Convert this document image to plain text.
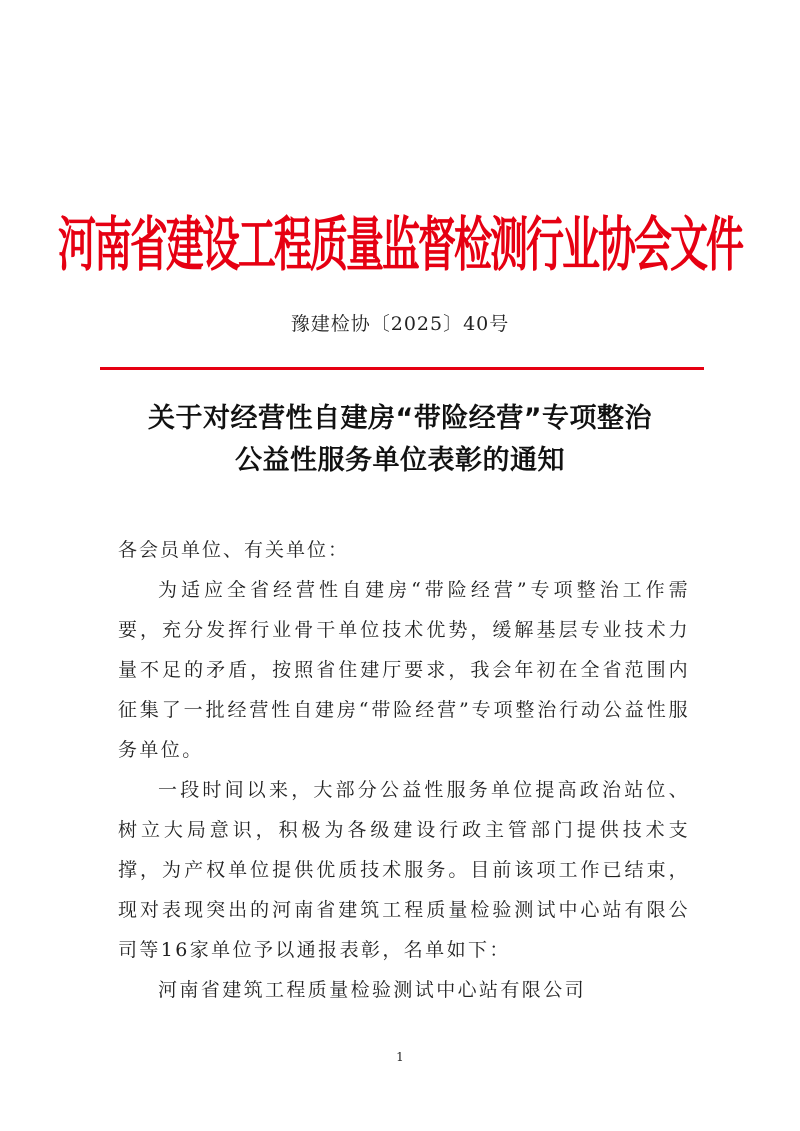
河南省建设工程质量监督检测行业协会文件
豫建检协〔2025〕40号
关于对经营性自建房“带险经营”专项整治
公益性服务单位表彰的通知
各会员单位、有关单位：

为适应全省经营性自建房“带险经营”专项整治工作需要，充分发挥行业骨干单位技术优势，缓解基层专业技术力量不足的矛盾，按照省住建厅要求，我会年初在全省范围内征集了一批经营性自建房“带险经营”专项整治行动公益性服务单位。

一段时间以来，大部分公益性服务单位提高政治站位、树立大局意识，积极为各级建设行政主管部门提供技术支撑，为产权单位提供优质技术服务。目前该项工作已结束，现对表现突出的河南省建筑工程质量检验测试中心站有限公司等16家单位予以通报表彰，名单如下：

河南省建筑工程质量检验测试中心站有限公司

1
